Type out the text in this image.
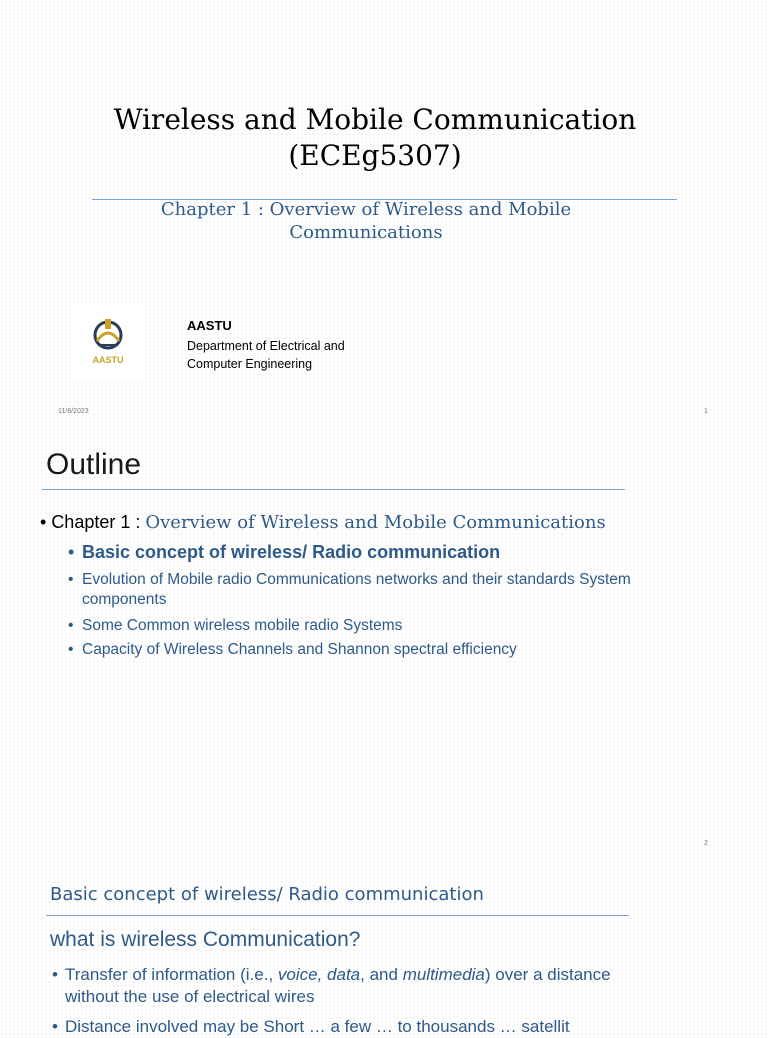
Wireless and Mobile Communication
(ECEg5307)
Chapter 1 : Overview of Wireless and Mobile
Communications
AASTU
AASTU
Department of Electrical and
Computer Engineering
11/8/2023	1
Outline
• Chapter 1 : Overview of Wireless and Mobile Communications
• Basic concept of wireless/ Radio communication
• Evolution of Mobile radio Communications networks and their standards System components
• Some Common wireless mobile radio Systems
• Capacity of Wireless Channels and Shannon spectral efficiency
2
Basic concept of wireless/ Radio communication
what is wireless Communication?
• Transfer of information (i.e., voice, data, and multimedia) over a distance
without the use of electrical wires
• Distance involved may be Short … a few … to thousands … satellit
